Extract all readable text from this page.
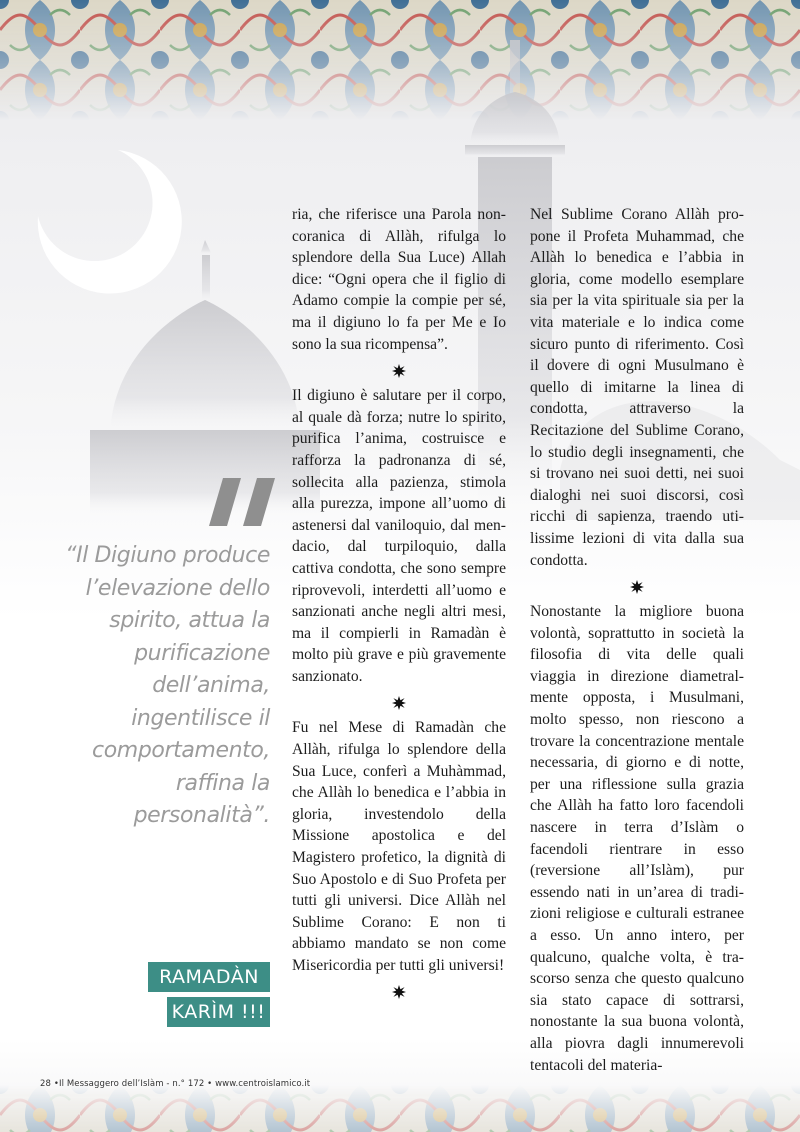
“Il Digiuno produce
l’elevazione dello
spirito, attua la
purificazione
dell’anima,
ingentilisce il
comportamento,
raffina la
personalità”.
RAMADÀN
KARÌM !!!

ria, che riferisce una Parola non-coranica di Allàh, rifulga lo splendore della Sua Luce) Allah dice: “Ogni opera che il figlio di Adamo compie la compie per sé, ma il digiuno lo fa per Me e Io sono la sua ricompensa”.

Il digiuno è salutare per il corpo, al quale dà forza; nutre lo spirito, purifica l’anima, costruisce e rafforza la padronanza di sé, sollecita alla pazienza, stimola alla purezza, impone all’uomo di astenersi dal vaniloquio, dal mendacio, dal turpiloquio, dalla cattiva condotta, che sono sempre riprovevoli, interdetti all’uomo e sanzionati anche negli altri mesi, ma il compierli in Ramadàn è molto più grave e più gravemente sanzionato.

Fu nel Mese di Ramadàn che Allàh, rifulga lo splendore della Sua Luce, conferì a Muhàmmad, che Allàh lo benedica e l’abbia in gloria, investendolo della Missione apostolica e del Magistero profetico, la dignità di Suo Apostolo e di Suo Profeta per tutti gli universi. Dice Allàh nel Sublime Corano: E non ti abbiamo mandato se non come Misericordia per tutti gli universi!

Nel Sublime Corano Allàh propone il Profeta Muhammad, che Allàh lo benedica e l’abbia in gloria, come modello esemplare sia per la vita spirituale sia per la vita materiale e lo indica come sicuro punto di riferimento. Così il dovere di ogni Musulmano è quello di imitarne la linea di condotta, attraverso la Recitazione del Sublime Corano, lo studio degli insegnamenti, che si trovano nei suoi detti, nei suoi dialoghi nei suoi discorsi, così ricchi di sapienza, traendo utilissime lezioni di vita dalla sua condotta.

Nonostante la migliore buona volontà, soprattutto in società la filosofia di vita delle quali viaggia in direzione diametralmente opposta, i Musulmani, molto spesso, non riescono a trovare la concentrazione mentale necessaria, di giorno e di notte, per una riflessione sulla grazia che Allàh ha fatto loro facendoli nascere in terra d’Islàm o facendoli rientrare in esso (reversione all’Islàm), pur essendo nati in un’area di tradizioni religiose e culturali estranee a esso. Un anno intero, per qualcuno, qualche volta, è trascorso senza che questo qualcuno sia stato capace di sottrarsi, nonostante la sua buona volontà, alla piovra dagli innumerevoli tentacoli del materia-

28 •Il Messaggero dell’Islàm - n.° 172 • www.centroislamico.it
